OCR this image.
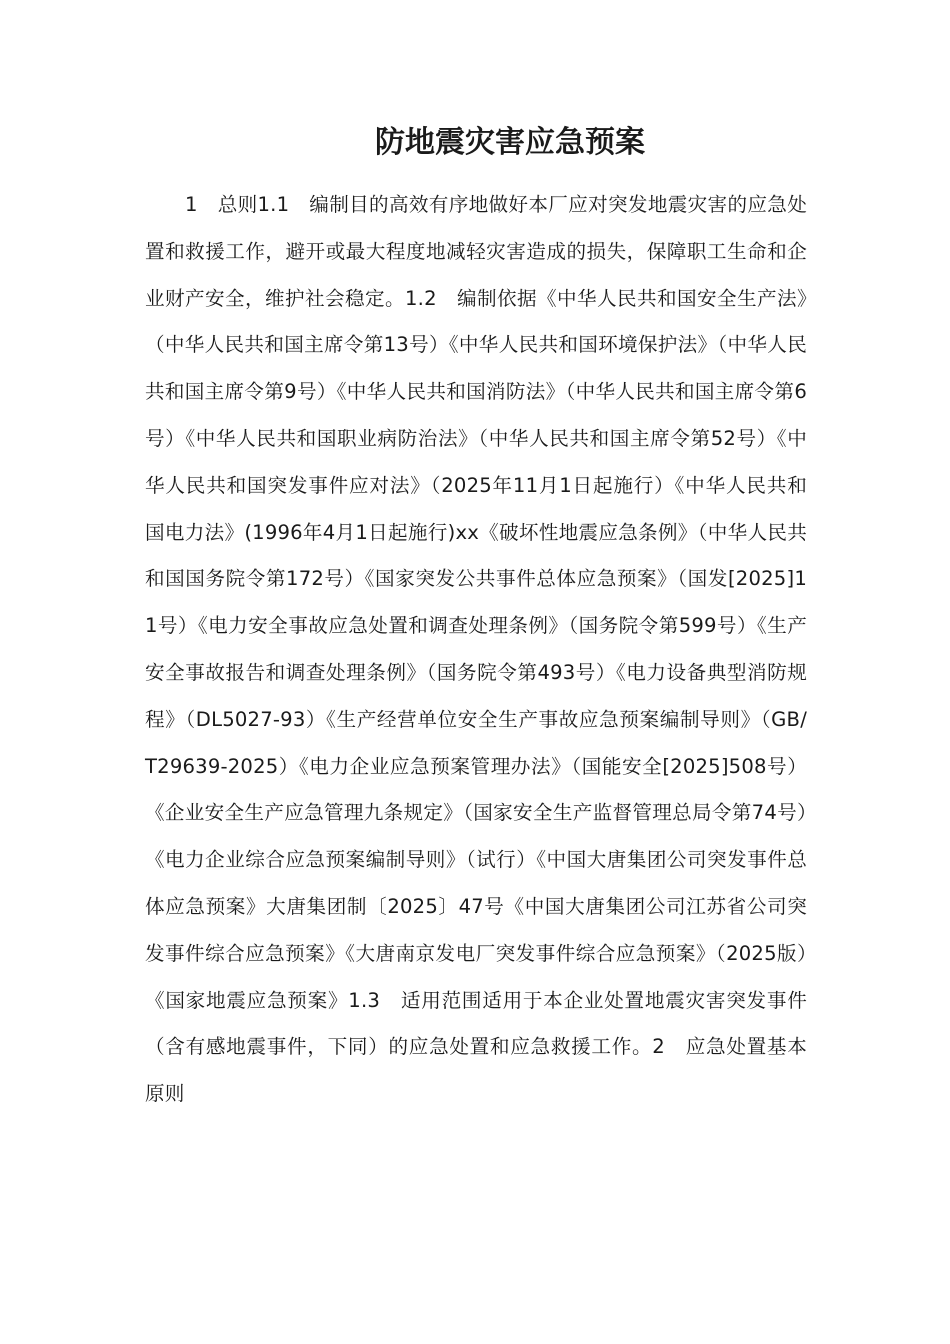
防地震灾害应急预案

1　总则1.1　编制目的高效有序地做好本厂应对突发地震灾害的应急处置和救援工作，避开或最大程度地减轻灾害造成的损失，保障职工生命和企业财产安全，维护社会稳定。1.2　编制依据《中华人民共和国安全生产法》（中华人民共和国主席令第13号）《中华人民共和国环境保护法》（中华人民共和国主席令第9号）《中华人民共和国消防法》（中华人民共和国主席令第6号）《中华人民共和国职业病防治法》（中华人民共和国主席令第52号）《中华人民共和国突发事件应对法》（2025年11月1日起施行）《中华人民共和国电力法》(1996年4月1日起施行)xx《破坏性地震应急条例》（中华人民共和国国务院令第172号）《国家突发公共事件总体应急预案》（国发[2025]11号）《电力安全事故应急处置和调查处理条例》（国务院令第599号）《生产安全事故报告和调查处理条例》（国务院令第493号）《电力设备典型消防规程》（DL5027-93）《生产经营单位安全生产事故应急预案编制导则》（GB/T29639-2025）《电力企业应急预案管理办法》（国能安全[2025]508号）《企业安全生产应急管理九条规定》（国家安全生产监督管理总局令第74号）《电力企业综合应急预案编制导则》（试行）《中国大唐集团公司突发事件总体应急预案》大唐集团制〔2025〕47号《中国大唐集团公司江苏省公司突发事件综合应急预案》《大唐南京发电厂突发事件综合应急预案》（2025版）《国家地震应急预案》1.3　适用范围适用于本企业处置地震灾害突发事件（含有感地震事件，下同）的应急处置和应急救援工作。2　应急处置基本原则
